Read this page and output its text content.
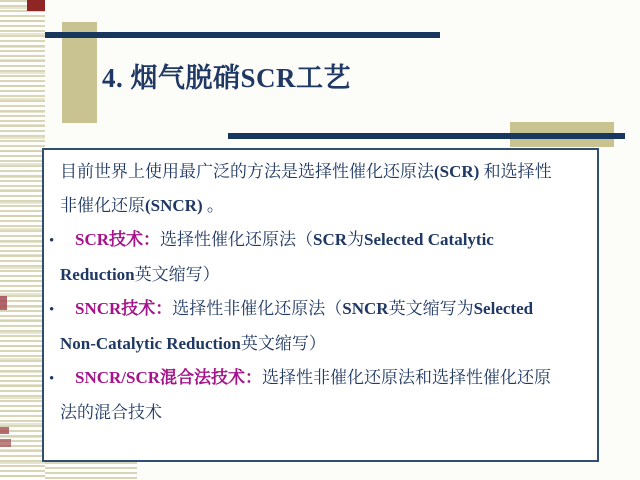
4. 烟气脱硝SCR工艺
目前世界上使用最广泛的方法是选择性催化还原法(SCR) 和选择性
非催化还原(SNCR) 。
• SCR技术：选择性催化还原法（SCR为Selected Catalytic
Reduction英文缩写）
• SNCR技术：选择性非催化还原法（SNCR英文缩写为Selected
Non-Catalytic Reduction英文缩写）
• SNCR/SCR混合法技术：选择性非催化还原法和选择性催化还原
法的混合技术
